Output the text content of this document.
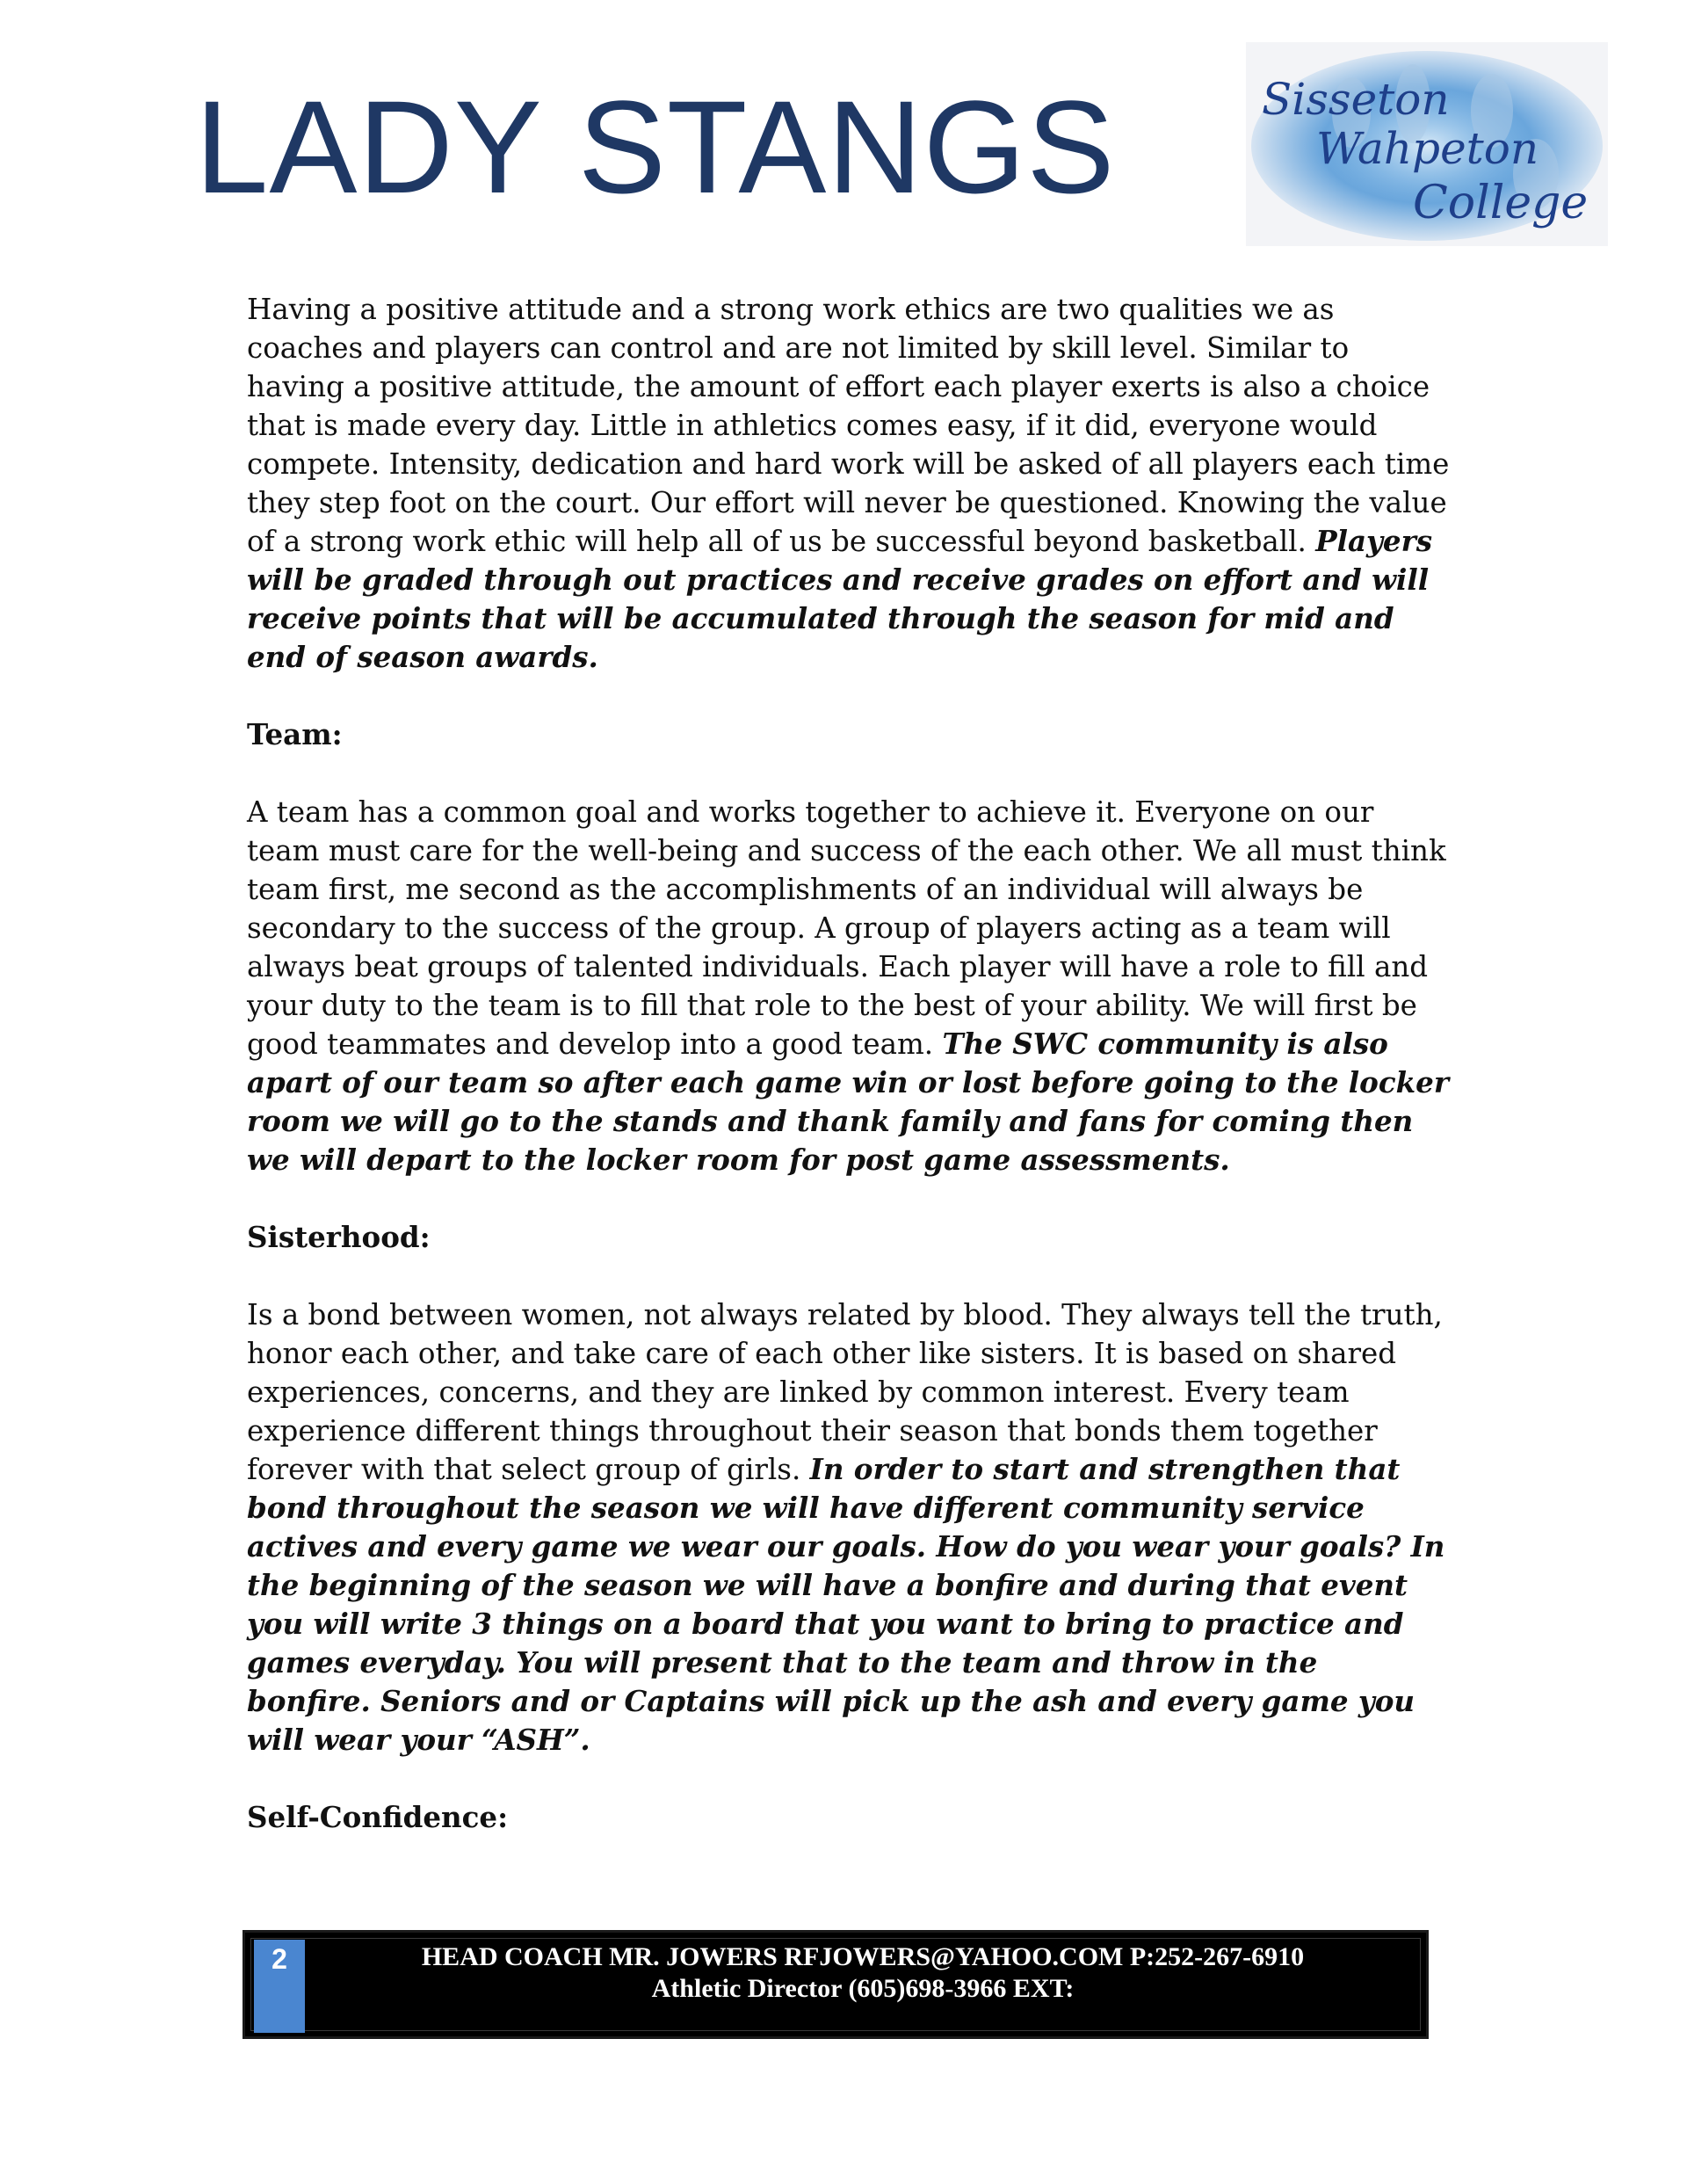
LADY STANGS	Sisseton
Wahpeton
College

Having a positive attitude and a strong work ethics are two qualities we as coaches and players can control and are not limited by skill level. Similar to having a positive attitude, the amount of effort each player exerts is also a choice that is made every day. Little in athletics comes easy, if it did, everyone would compete. Intensity, dedication and hard work will be asked of all players each time they step foot on the court. Our effort will never be questioned. Knowing the value of a strong work ethic will help all of us be successful beyond basketball. Players will be graded through out practices and receive grades on effort and will receive points that will be accumulated through the season for mid and end of season awards.

Team:

A team has a common goal and works together to achieve it. Everyone on our team must care for the well-being and success of the each other. We all must think team first, me second as the accomplishments of an individual will always be secondary to the success of the group. A group of players acting as a team will always beat groups of talented individuals. Each player will have a role to fill and your duty to the team is to fill that role to the best of your ability. We will first be good teammates and develop into a good team. The SWC community is also apart of our team so after each game win or lost before going to the locker room we will go to the stands and thank family and fans for coming then we will depart to the locker room for post game assessments.

Sisterhood:

Is a bond between women, not always related by blood. They always tell the truth, honor each other, and take care of each other like sisters. It is based on shared experiences, concerns, and they are linked by common interest. Every team experience different things throughout their season that bonds them together forever with that select group of girls. In order to start and strengthen that bond throughout the season we will have different community service actives and every game we wear our goals. How do you wear your goals? In the beginning of the season we will have a bonfire and during that event you will write 3 things on a board that you want to bring to practice and games everyday. You will present that to the team and throw in the bonfire. Seniors and or Captains will pick up the ash and every game you will wear your “ASH”.

Self-Confidence:

2	HEAD COACH MR. JOWERS RFJOWERS@YAHOO.COM P:252-267-6910
Athletic Director (605)698-3966 EXT:
